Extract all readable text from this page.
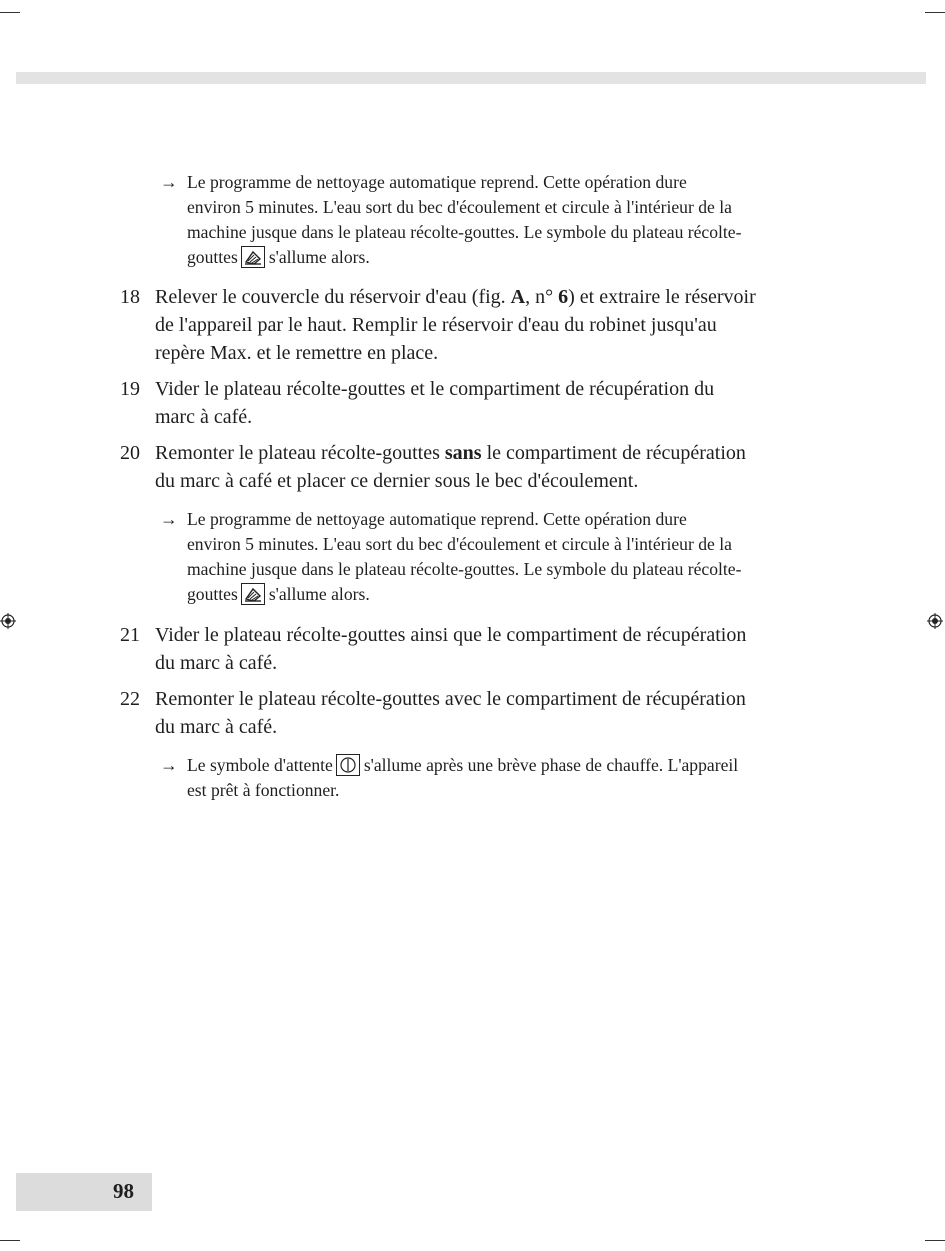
→ Le programme de nettoyage automatique reprend. Cette opération dure
environ 5 minutes. L'eau sort du bec d'écoulement et circule à l'intérieur de la
machine jusque dans le plateau récolte-gouttes. Le symbole du plateau récolte-
gouttes s'allume alors.
18 Relever le couvercle du réservoir d'eau (fig. A, n° 6) et extraire le réservoir
de l'appareil par le haut. Remplir le réservoir d'eau du robinet jusqu'au
repère Max. et le remettre en place.
19 Vider le plateau récolte-gouttes et le compartiment de récupération du
marc à café.
20 Remonter le plateau récolte-gouttes sans le compartiment de récupération
du marc à café et placer ce dernier sous le bec d'écoulement.
→ Le programme de nettoyage automatique reprend. Cette opération dure
environ 5 minutes. L'eau sort du bec d'écoulement et circule à l'intérieur de la
machine jusque dans le plateau récolte-gouttes. Le symbole du plateau récolte-
gouttes s'allume alors.
21 Vider le plateau récolte-gouttes ainsi que le compartiment de récupération
du marc à café.
22 Remonter le plateau récolte-gouttes avec le compartiment de récupération
du marc à café.
→ Le symbole d'attente s'allume après une brève phase de chauffe. L'appareil
est prêt à fonctionner.
98
